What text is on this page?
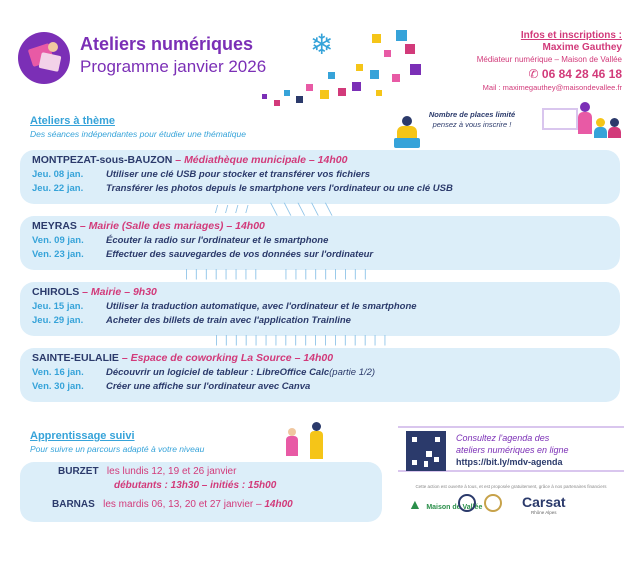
Ateliers numériques
Programme janvier 2026
❄	Infos et inscriptions :
Maxime Gauthey
Médiateur numérique – Maison de Vallée
✆ 06 84 28 46 18
Mail : maximegauthey@maisondevallee.fr
Ateliers à thème
Des séances indépendantes pour étudier une thématique
Nombre de places limité
pensez à vous inscrire !
MONTPEZAT-sous-BAUZON – Médiathèque municipale – 14h00
Jeu. 08 jan.	Utiliser une clé USB pour stocker et transférer vos fichiers
Jeu. 22 jan.	Transférer les photos depuis le smartphone vers l'ordinateur ou une clé USB
/ / / /    ╲ ╲ ╲ ╲ ╲
MEYRAS – Mairie (Salle des mariages) – 14h00
Ven. 09 jan.	Écouter la radio sur l'ordinateur et le smartphone
Ven. 23 jan.	Effectuer des sauvegardes de vos données sur l'ordinateur
| | | | | | | |     | | | | | | | | |
CHIROLS – Mairie – 9h30
Jeu. 15 jan.	Utiliser la traduction automatique, avec l'ordinateur et le smartphone
Jeu. 29 jan.	Acheter des billets de train avec l'application Trainline
| | | | | | | | | | | | | | | | | |
SAINTE-EULALIE – Espace de coworking La Source – 14h00
Ven. 16 jan.	Découvrir un logiciel de tableur : LibreOffice Calc (partie 1/2)
Ven. 30 jan.	Créer une affiche sur l'ordinateur avec Canva
Apprentissage suivi
Pour suivre un parcours adapté à votre niveau
BURZET les lundis 12, 19 et 26 janvier
débutants : 13h30 – initiés : 15h00
BARNAS les mardis 06, 13, 20 et 27 janvier – 14h00
Consultez l'agenda des
ateliers numériques en ligne
https://bit.ly/mdv-agenda
Cette action est ouverte à tous, et est proposée gratuitement, grâce à nos partenaires financiers
▲ Maison de Vallée	Carsat
Rhône Alpes
